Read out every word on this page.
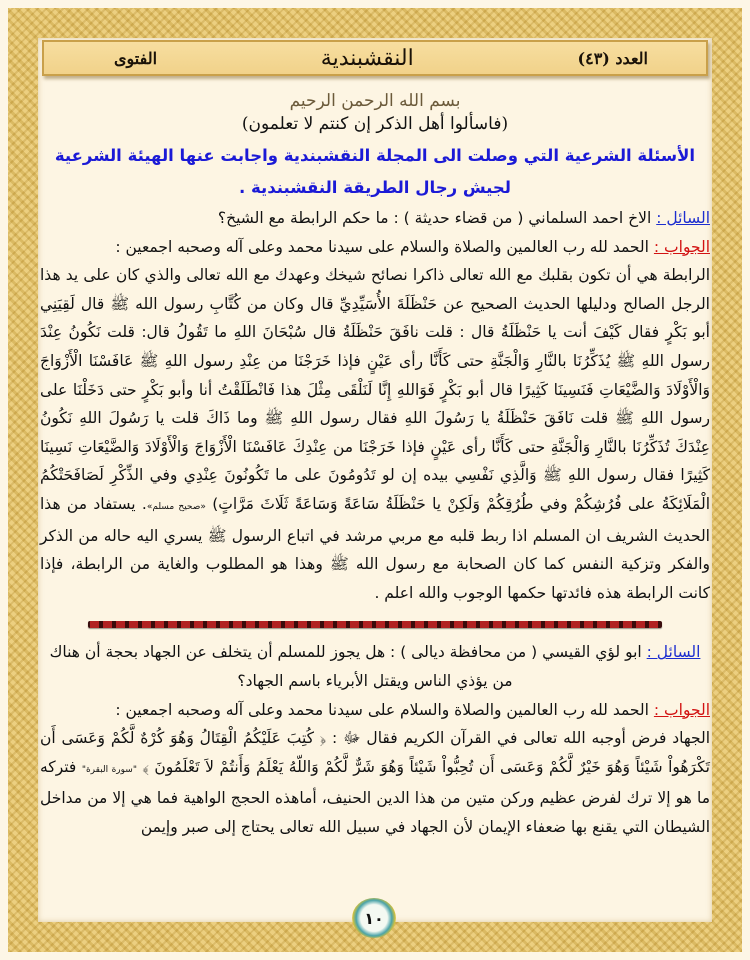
الفتوى	النقشبندية	العدد (٤٣)
بسم الله الرحمن الرحيم
(فاسألوا أهل الذكر إن كنتم لا تعلمون)
الأسئلة الشرعية التي وصلت الى المجلة النقشبندية واجابت عنها الهيئة الشرعية لجيش رجال الطريقة النقشبندية .

السائل : الاخ احمد السلماني ( من قضاء حديثة ) : ما حكم الرابطة مع الشيخ؟

الجواب : الحمد لله رب العالمين والصلاة والسلام على سيدنا محمد وعلى آله وصحبه اجمعين :

الرابطة هي أن تكون بقلبك مع الله تعالى ذاكرا نصائح شيخك وعهدك مع الله تعالى والذي كان على يد هذا الرجل الصالح ودليلها الحديث الصحيح عن حَنْظَلَةَ الأُسَيِّدِيِّ قال وكان من كُتَّابِ رسول الله ﷺ قال لَقِيَنِي أبو بَكْرٍ فقال كَيْفَ أنت يا حَنْظَلَةُ قال : قلت نافَقَ حَنْظَلَةُ قال سُبْحَانَ اللهِ ما تَقُولُ قال: قلت نَكُونُ عِنْدَ رسول اللهِ ﷺ يُذَكِّرُنَا بالنَّارِ وَالْجَنَّةِ حتى كَأَنَّا رأى عَيْنٍ فإذا خَرَجْنَا من عِنْدِ رسول اللهِ ﷺ عَافَسْنَا الْأَزْوَاجَ وَالْأَوْلَادَ وَالضَّيْعَاتِ فَنَسِينَا كَثِيرًا قال أبو بَكْرٍ فَوَاللهِ إِنَّا لَنَلْقَى مِثْلَ هذا فَانْطَلَقْتُ أنا وأبو بَكْرٍ حتى دَخَلْنَا على رسول اللهِ ﷺ قلت نَافَقَ حَنْظَلَةُ يا رَسُولَ اللهِ فقال رسول اللهِ ﷺ وما ذَاكَ قلت يا رَسُولَ اللهِ نَكُونُ عِنْدَكَ تُذَكِّرُنَا بالنَّارِ وَالْجَنَّةِ حتى كَأَنَّا رأى عَيْنٍ فإذا خَرَجْنَا من عِنْدِكَ عَافَسْنَا الْأَزْوَاجَ وَالْأَوْلَادَ وَالضَّيْعَاتِ نَسِينَا كَثِيرًا فقال رسول اللهِ ﷺ وَالَّذِي نَفْسِي بيده إن لو تَدُومُونَ على ما تَكُونُونَ عِنْدِي وفي الذِّكْرِ لَصَافَحَتْكُمُ الْمَلَائِكَةُ على فُرُشِكُمْ وفي طُرُقِكُمْ وَلَكِنْ يا حَنْظَلَةُ سَاعَةً وَسَاعَةً ثَلَاثَ مَرَّاتٍ) «صحيح مسلم». يستفاد من هذا الحديث الشريف ان المسلم اذا ربط قلبه مع مربي مرشد في اتباع الرسول ﷺ يسري اليه حاله من الذكر والفكر وتزكية النفس كما كان الصحابة مع رسول الله ﷺ وهذا هو المطلوب والغاية من الرابطة، فإذا كانت الرابطة هذه فائدتها حكمها الوجوب والله اعلم .

السائل : ابو لؤي القيسي ( من محافظة ديالى ) : هل يجوز للمسلم أن يتخلف عن الجهاد بحجة أن هناك من يؤذي الناس ويقتل الأبرياء باسم الجهاد؟

الجواب : الحمد لله رب العالمين والصلاة والسلام على سيدنا محمد وعلى آله وصحبه اجمعين :

الجهاد فرض أوجبه الله تعالى في القرآن الكريم فقال ﷻ : ﴿ كُتِبَ عَلَيْكُمُ الْقِتَالُ وَهُوَ كُرْهٌ لَّكُمْ وَعَسَى أَن تَكْرَهُواْ شَيْئاً وَهُوَ خَيْرٌ لَّكُمْ وَعَسَى أَن تُحِبُّواْ شَيْئاً وَهُوَ شَرٌّ لَّكُمْ وَاللّهُ يَعْلَمُ وَأَنتُمْ لاَ تَعْلَمُونَ ﴾ "سورة البقرة" فتركه ما هو إلا ترك لفرض عظيم وركن متين من هذا الدين الحنيف، أماهذه الحجج الواهية فما هي إلا من مداخل الشيطان التي يقنع بها ضعفاء الإيمان لأن الجهاد في سبيل الله تعالى يحتاج إلى صبر وإيمن

١٠
